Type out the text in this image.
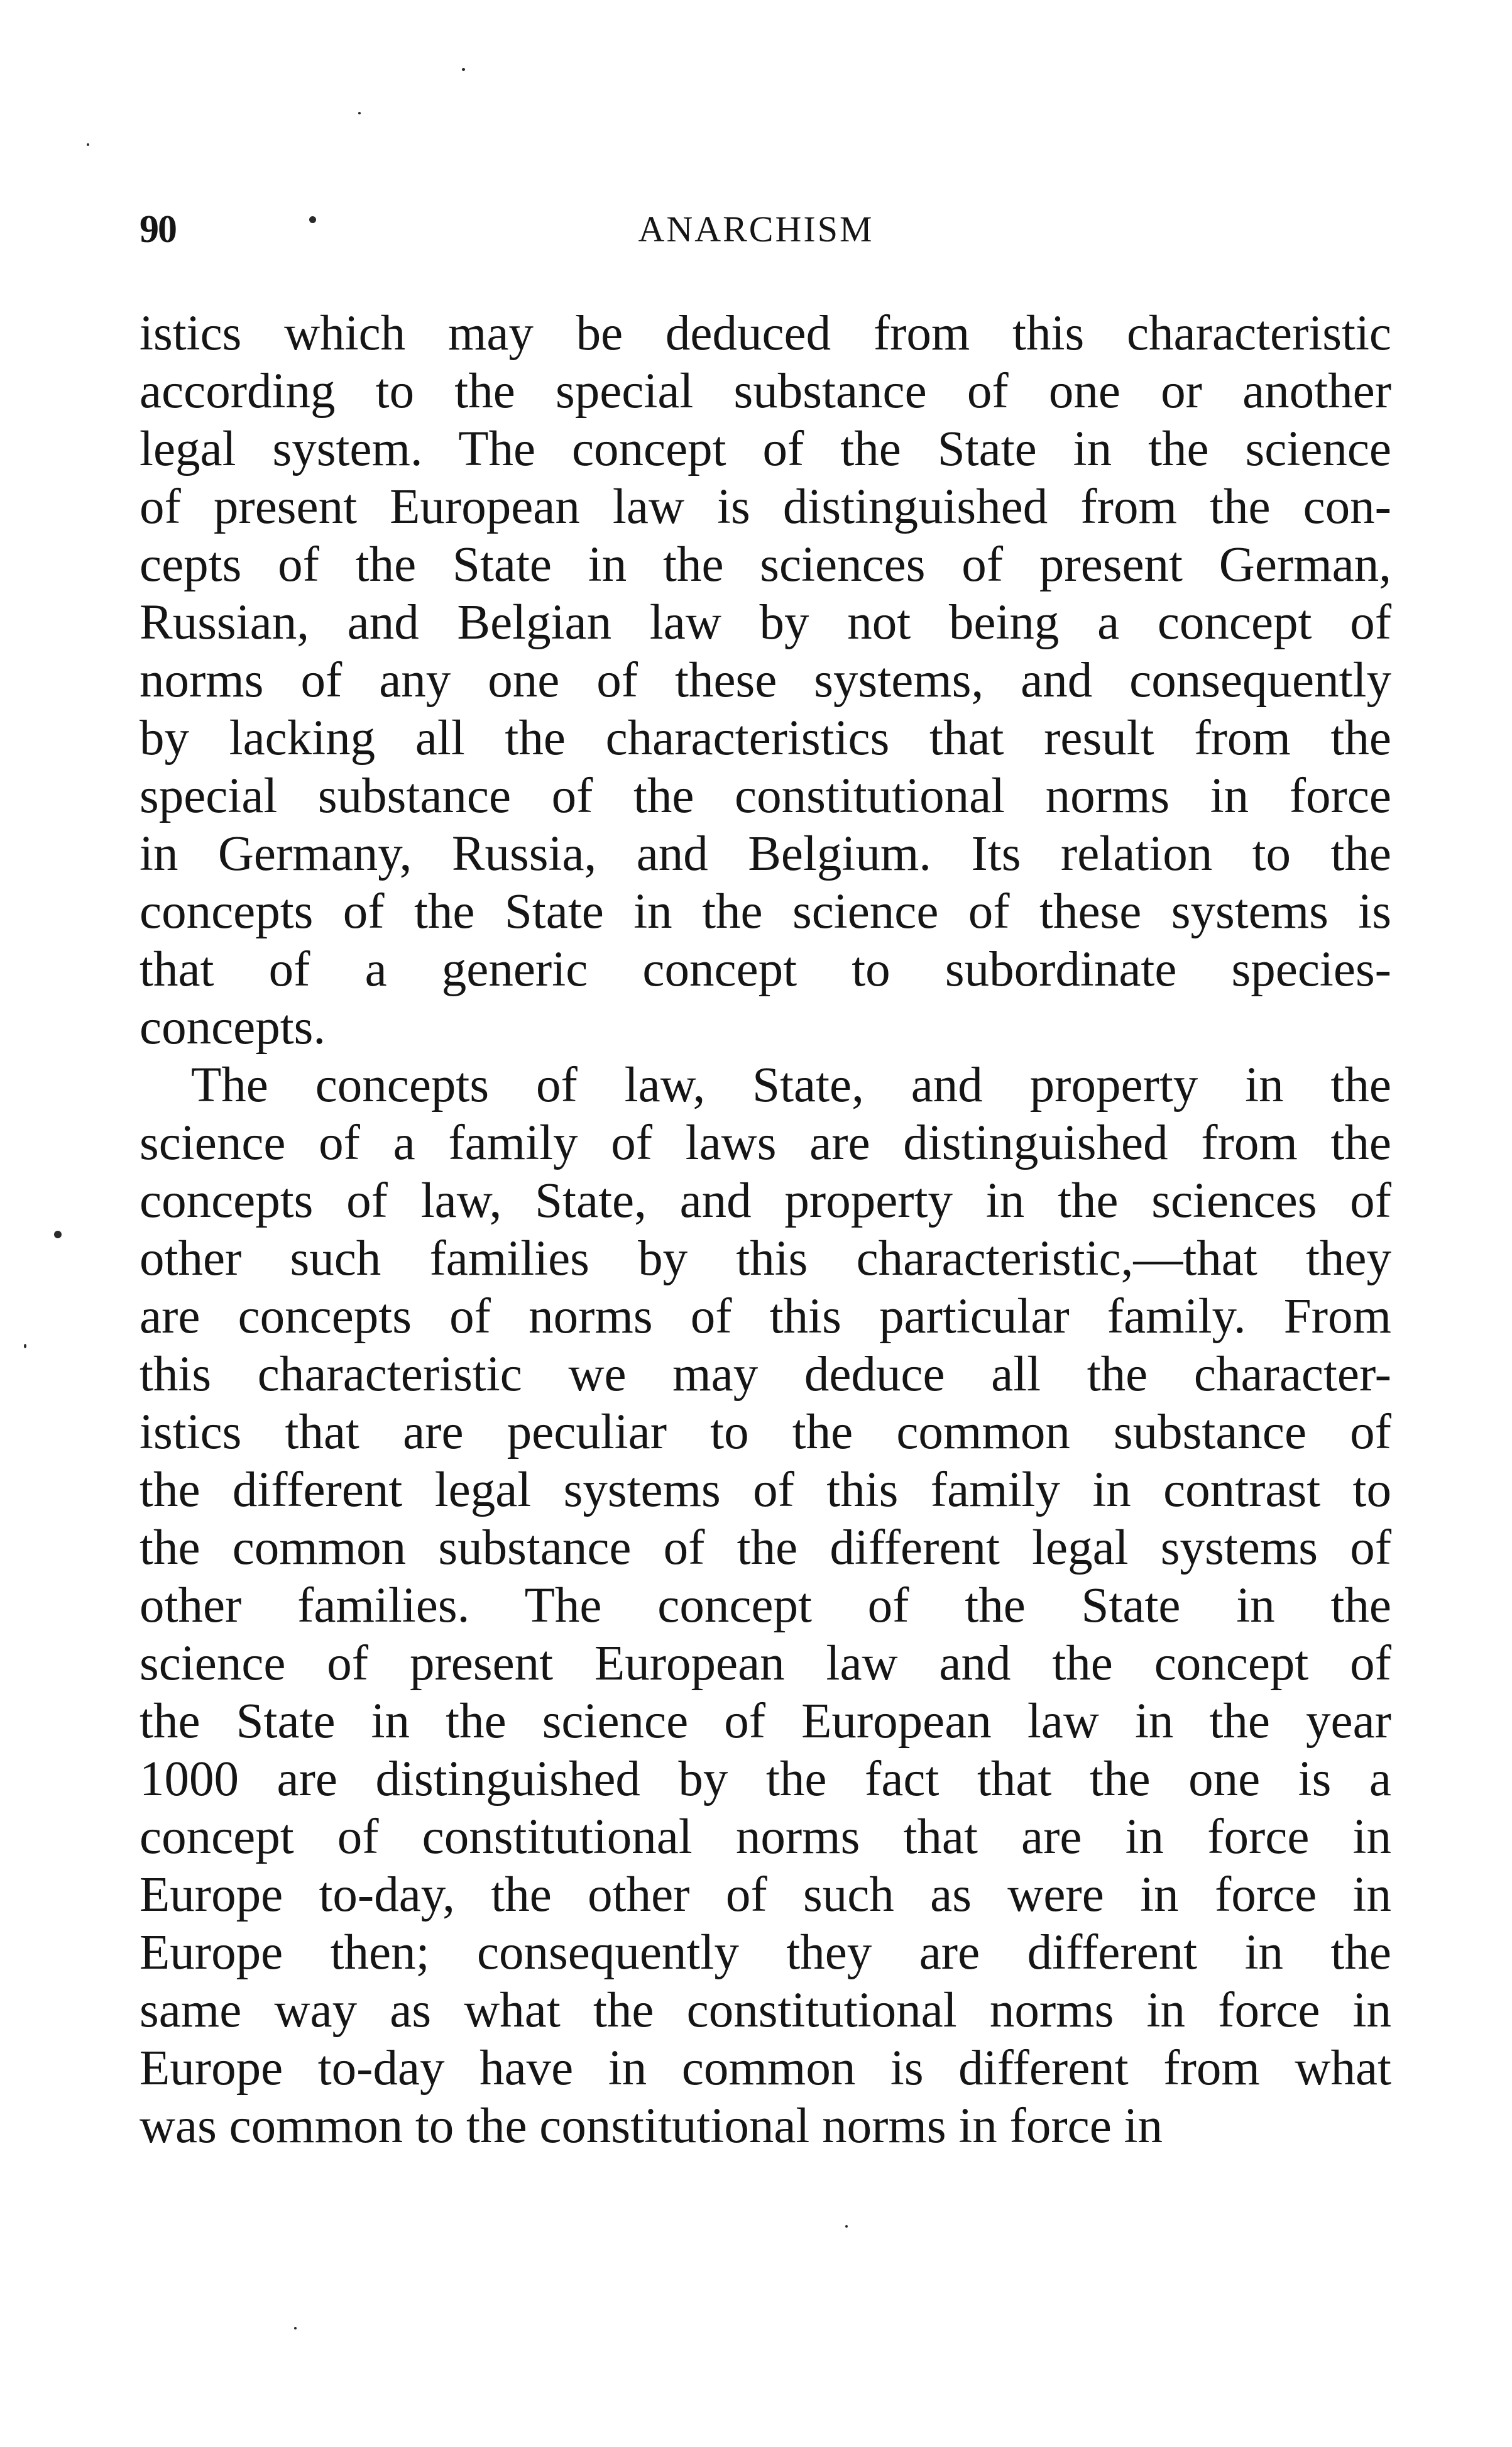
90	ANARCHISM
istics which may be deduced from this characteristic
according to the special substance of one or another
legal system. The concept of the State in the science
of present European law is distinguished from the con-
cepts of the State in the sciences of present German,
Russian, and Belgian law by not being a concept of
norms of any one of these systems, and consequently
by lacking all the characteristics that result from the
special substance of the constitutional norms in force
in Germany, Russia, and Belgium. Its relation to the
concepts of the State in the science of these systems is
that of a generic concept to subordinate species-
concepts.
The concepts of law, State, and property in the
science of a family of laws are distinguished from the
concepts of law, State, and property in the sciences of
other such families by this characteristic,—that they
are concepts of norms of this particular family. From
this characteristic we may deduce all the character-
istics that are peculiar to the common substance of
the different legal systems of this family in contrast to
the common substance of the different legal systems of
other families. The concept of the State in the
science of present European law and the concept of
the State in the science of European law in the year
1000 are distinguished by the fact that the one is a
concept of constitutional norms that are in force in
Europe to-day, the other of such as were in force in
Europe then; consequently they are different in the
same way as what the constitutional norms in force in
Europe to-day have in common is different from what
was common to the constitutional norms in force in
